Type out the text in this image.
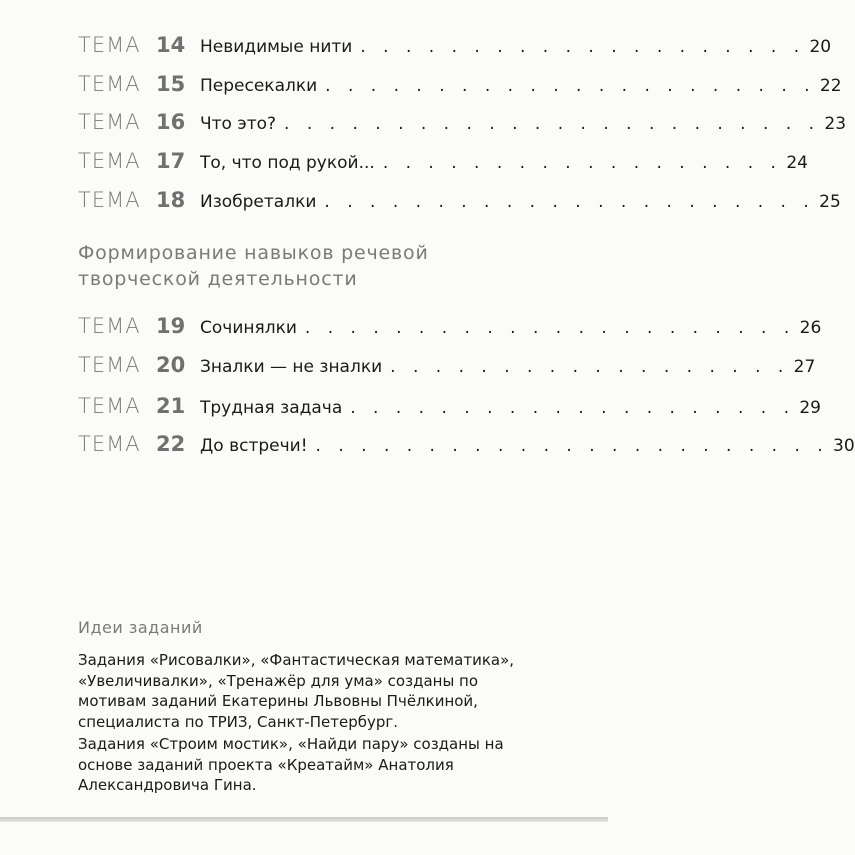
ТЕМА 14 Невидимые нити . . . . . . . . . . . . . . . . . . . . 20
ТЕМА 15 Пересекалки . . . . . . . . . . . . . . . . . . . . . . 22
ТЕМА 16 Что это? . . . . . . . . . . . . . . . . . . . . . . . . 23
ТЕМА 17 То, что под рукой... . . . . . . . . . . . . . . . . . . 24
ТЕМА 18 Изобреталки . . . . . . . . . . . . . . . . . . . . . . 25
Формирование навыков речевой творческой деятельности
ТЕМА 19 Сочинялки . . . . . . . . . . . . . . . . . . . . . . 26
ТЕМА 20 Зналки — не зналки . . . . . . . . . . . . . . . . . . 27
ТЕМА 21 Трудная задача . . . . . . . . . . . . . . . . . . . . 29
ТЕМА 22 До встречи! . . . . . . . . . . . . . . . . . . . . . . . 30
Идеи заданий

Задания «Рисовалки», «Фантастическая математика», «Увеличивалки», «Тренажёр для ума» созданы по мотивам заданий Екатерины Львовны Пчёлкиной, специалиста по ТРИЗ, Санкт-Петербург.

Задания «Строим мостик», «Найди пару» созданы на основе заданий проекта «Креатайм» Анатолия Александровича Гина.
